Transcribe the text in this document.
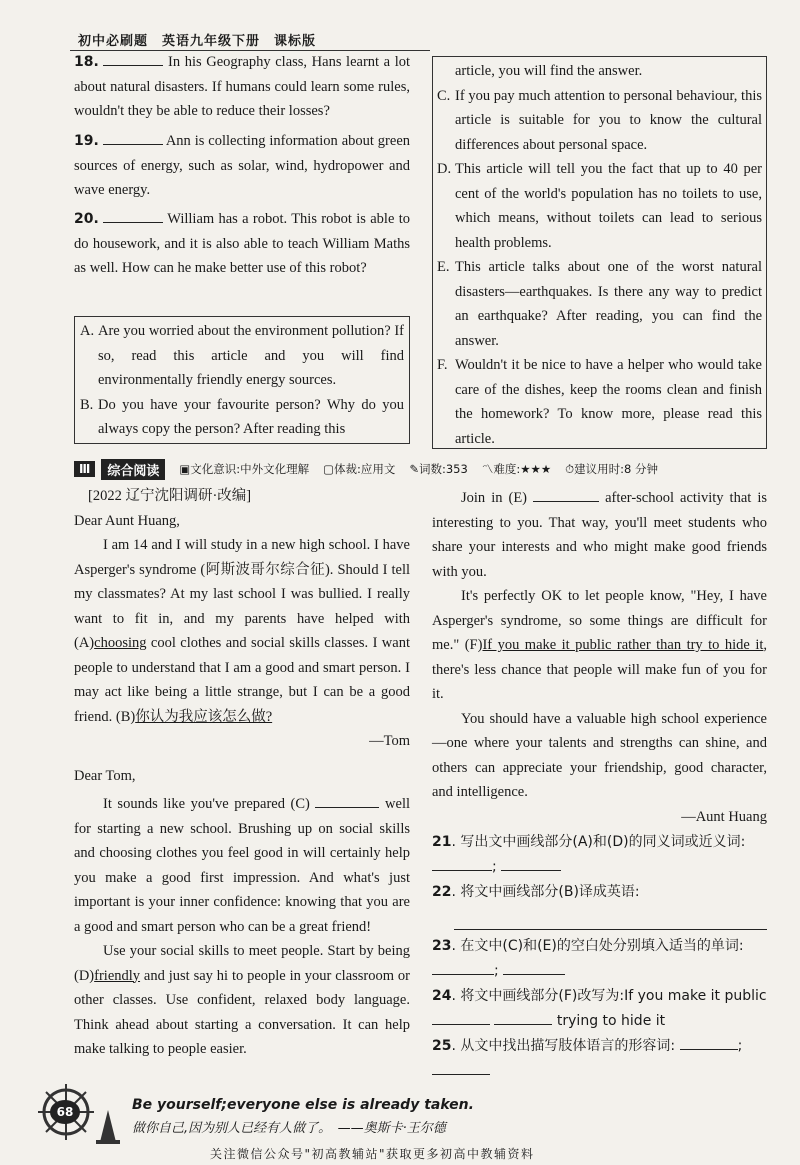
初中必刷题　英语九年级下册　课标版
18.	In his Geography class, Hans learnt a lot about natural disasters. If humans could learn some rules, wouldn't they be able to reduce their losses?
19.	Ann is collecting information about green sources of energy, such as solar, wind, hydropower and wave energy.
20.	William has a robot. This robot is able to do housework, and it is also able to teach William Maths as well. How can he make better use of this robot?
A. Are you worried about the environment pollution? If so, read this article and you will find environmentally friendly energy sources.
B. Do you have your favourite person? Why do you always copy the person? After reading this
article, you will find the answer.
C. If you pay much attention to personal behaviour, this article is suitable for you to know the cultural differences about personal space.
D. This article will tell you the fact that up to 40 per cent of the world's population has no toilets to use, which means, without toilets can lead to serious health problems.
E. This article talks about one of the worst natural disasters—earthquakes. Is there any way to predict an earthquake? After reading, you can find the answer.
F. Wouldn't it be nice to have a helper who would take care of the dishes, keep the rooms clean and finish the homework? To know more, please read this article.
Ⅲ	综合阅读	▣文化意识:中外文化理解 ▢体裁:应用文 ✎词数:353 〽难度:★★★ ⏱建议用时:8 分钟
[2022 辽宁沈阳调研·改编]
Dear Aunt Huang,
I am 14 and I will study in a new high school. I have Asperger's syndrome (阿斯波哥尔综合征). Should I tell my classmates? At my last school I was bullied. I really want to fit in, and my parents have helped with (A)choosing cool clothes and social skills classes. I want people to understand that I am a good and smart person. I may act like being a little strange, but I can be a good friend. (B)你认为我应该怎么做?
—Tom
Dear Tom,
It sounds like you've prepared (C)	well for starting a new school. Brushing up on social skills and choosing clothes you feel good in will certainly help you make a good first impression. And what's just important is your inner confidence: knowing that you are a good and smart person who can be a great friend!
Use your social skills to meet people. Start by being (D)friendly and just say hi to people in your classroom or other classes. Use confident, relaxed body language. Think ahead about starting a conversation. It can help make talking to people easier.
Join in (E)	after-school activity that is interesting to you. That way, you'll meet students who share your interests and who might make good friends with you.
It's perfectly OK to let people know, "Hey, I have Asperger's syndrome, so some things are difficult for me." (F)If you make it public rather than try to hide it, there's less chance that people will make fun of you for it.
You should have a valuable high school experience—one where your talents and strengths can shine, and others can appreciate your friendship, good character, and intelligence.
—Aunt Huang
21. 写出文中画线部分(A)和(D)的同义词或近义词: ;
22. 将文中画线部分(B)译成英语:
23. 在文中(C)和(E)的空白处分别填入适当的单词: ;
24. 将文中画线部分(F)改写为:If you make it public   trying to hide it
25. 从文中找出描写肢体语言的形容词:	;
68	Be yourself;everyone else is already taken.
做你自己,因为别人已经有人做了。　——奥斯卡·王尔德
关注微信公众号"初高教辅站"获取更多初高中教辅资料
